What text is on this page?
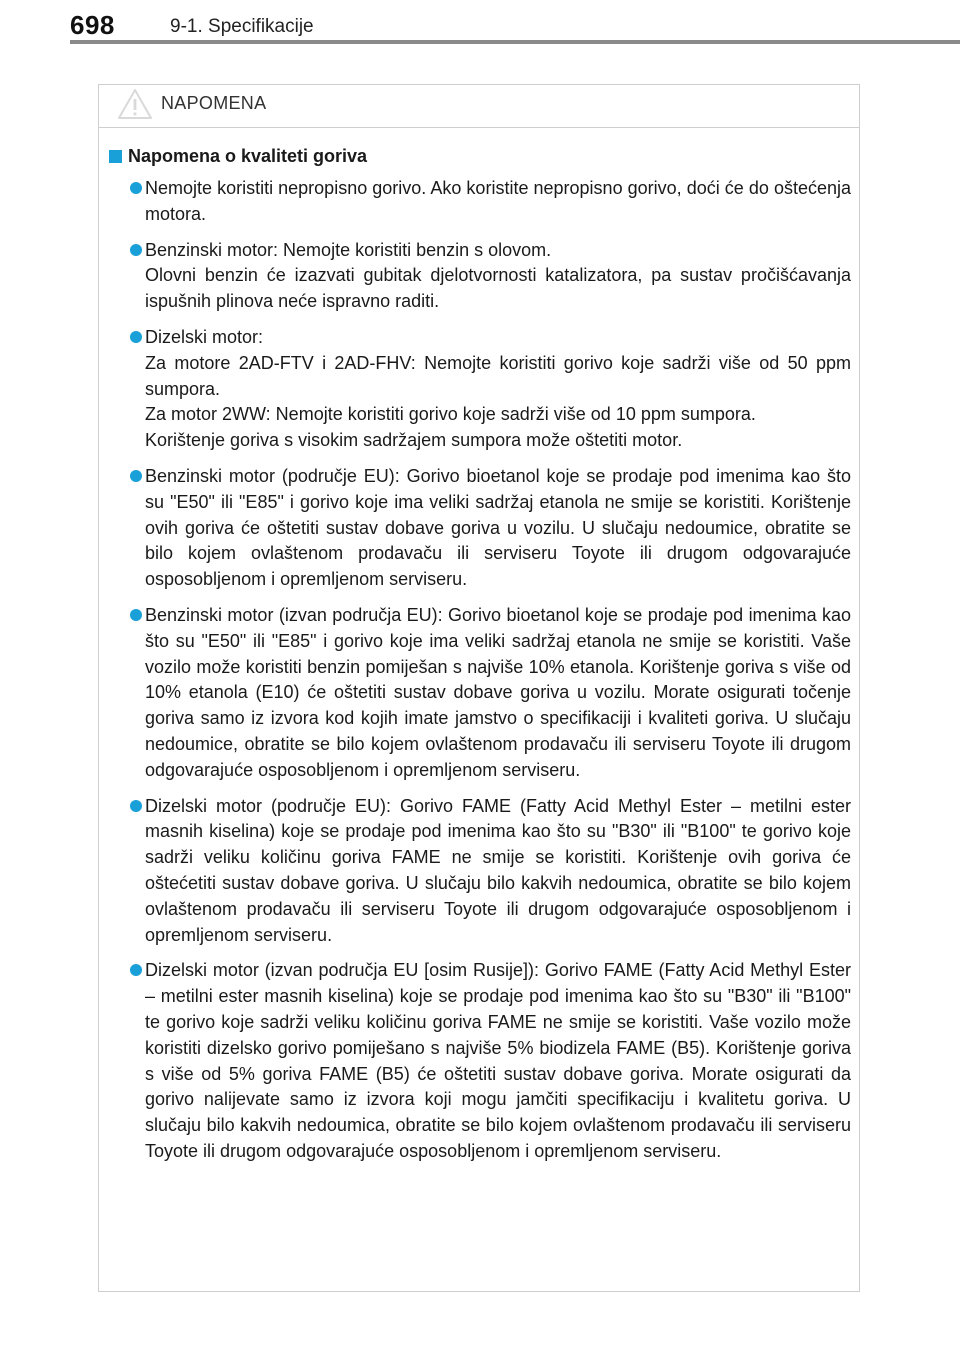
698	9-1. Specifikacije
NAPOMENA
Napomena o kvaliteti goriva

Nemojte koristiti nepropisno gorivo. Ako koristite nepropisno gorivo, doći će do oštećenja motora.

Benzinski motor: Nemojte koristiti benzin s olovom.

Olovni benzin će izazvati gubitak djelotvornosti katalizatora, pa sustav pročišćavanja ispušnih plinova neće ispravno raditi.

Dizelski motor:

Za motore 2AD-FTV i 2AD-FHV: Nemojte koristiti gorivo koje sadrži više od 50 ppm sumpora.

Za motor 2WW: Nemojte koristiti gorivo koje sadrži više od 10 ppm sumpora.

Korištenje goriva s visokim sadržajem sumpora može oštetiti motor.

Benzinski motor (područje EU): Gorivo bioetanol koje se prodaje pod imenima kao što su "E50" ili "E85" i gorivo koje ima veliki sadržaj etanola ne smije se koristiti. Korištenje ovih goriva će oštetiti sustav dobave goriva u vozilu. U slučaju nedoumice, obratite se bilo kojem ovlaštenom prodavaču ili serviseru Toyote ili drugom odgovarajuće osposobljenom i opremljenom serviseru.

Benzinski motor (izvan područja EU): Gorivo bioetanol koje se prodaje pod imenima kao što su "E50" ili "E85" i gorivo koje ima veliki sadržaj etanola ne smije se koristiti. Vaše vozilo može koristiti benzin pomiješan s najviše 10% etanola. Korištenje goriva s više od 10% etanola (E10) će oštetiti sustav dobave goriva u vozilu. Morate osigurati točenje goriva samo iz izvora kod kojih imate jamstvo o specifikaciji i kvaliteti goriva. U slučaju nedoumice, obratite se bilo kojem ovlaštenom prodavaču ili serviseru Toyote ili drugom odgovarajuće osposobljenom i opremljenom serviseru.

Dizelski motor (područje EU): Gorivo FAME (Fatty Acid Methyl Ester – metilni ester masnih kiselina) koje se prodaje pod imenima kao što su "B30" ili "B100" te gorivo koje sadrži veliku količinu goriva FAME ne smije se koristiti. Korištenje ovih goriva će oštećetiti sustav dobave goriva. U slučaju bilo kakvih nedoumica, obratite se bilo kojem ovlaštenom prodavaču ili serviseru Toyote ili drugom odgovarajuće osposobljenom i opremljenom serviseru.

Dizelski motor (izvan područja EU [osim Rusije]): Gorivo FAME (Fatty Acid Methyl Ester – metilni ester masnih kiselina) koje se prodaje pod imenima kao što su "B30" ili "B100" te gorivo koje sadrži veliku količinu goriva FAME ne smije se koristiti. Vaše vozilo može koristiti dizelsko gorivo pomiješano s najviše 5% biodizela FAME (B5). Korištenje goriva s više od 5% goriva FAME (B5) će oštetiti sustav dobave goriva. Morate osigurati da gorivo nalijevate samo iz izvora koji mogu jamčiti specifikaciju i kvalitetu goriva. U slučaju bilo kakvih nedoumica, obratite se bilo kojem ovlaštenom prodavaču ili serviseru Toyote ili drugom odgovarajuće osposobljenom i opremljenom serviseru.
